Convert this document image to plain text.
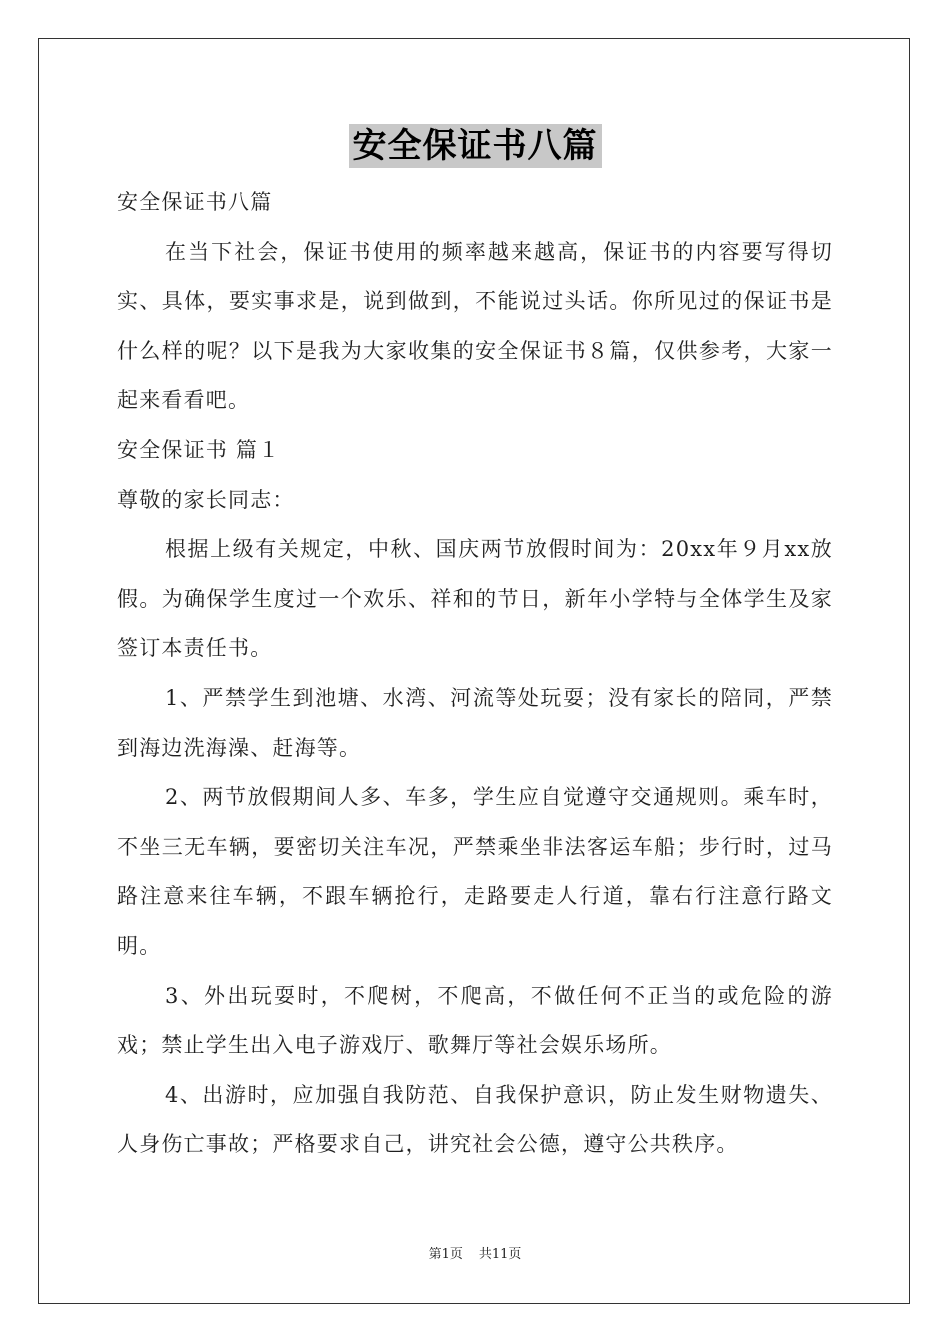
安全保证书八篇

安全保证书八篇

在当下社会，保证书使用的频率越来越高，保证书的内容要写得切实、具体，要实事求是，说到做到，不能说过头话。你所见过的保证书是什么样的呢？以下是我为大家收集的安全保证书８篇，仅供参考，大家一起来看看吧。

安全保证书 篇１

尊敬的家长同志：

根据上级有关规定，中秋、国庆两节放假时间为：20xx年９月xx放假。为确保学生度过一个欢乐、祥和的节日，新年小学特与全体学生及家签订本责任书。

1、严禁学生到池塘、水湾、河流等处玩耍；没有家长的陪同，严禁到海边洗海澡、赶海等。

2、两节放假期间人多、车多，学生应自觉遵守交通规则。乘车时，不坐三无车辆，要密切关注车况，严禁乘坐非法客运车船；步行时，过马路注意来往车辆，不跟车辆抢行，走路要走人行道，靠右行注意行路文明。

3、外出玩耍时，不爬树，不爬高，不做任何不正当的或危险的游戏；禁止学生出入电子游戏厅、歌舞厅等社会娱乐场所。

4、出游时，应加强自我防范、自我保护意识，防止发生财物遗失、人身伤亡事故；严格要求自己，讲究社会公德，遵守公共秩序。

第1页 共11页
